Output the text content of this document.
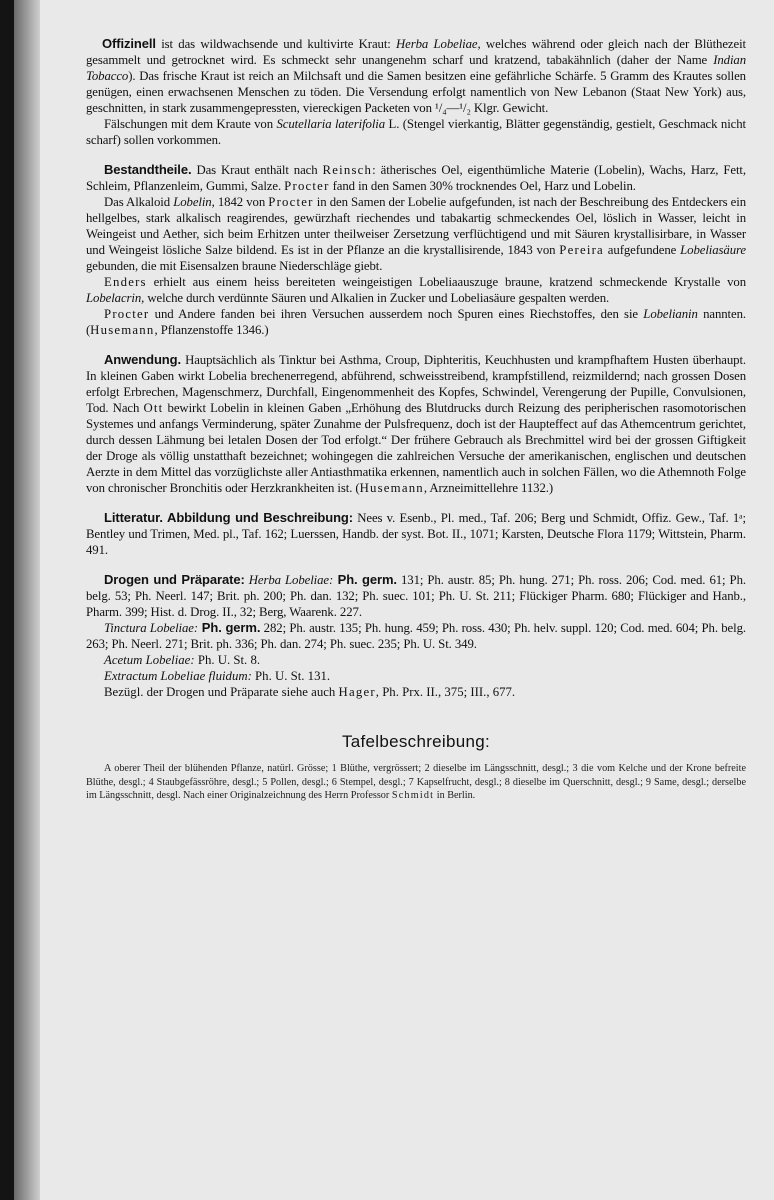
Offizinell ist das wildwachsende und kultivirte Kraut: Herba Lobeliae, welches während oder gleich nach der Blüthezeit gesammelt und getrocknet wird. Es schmeckt sehr unangenehm scharf und kratzend, tabakähnlich (daher der Name Indian Tobacco). Das frische Kraut ist reich an Milchsaft und die Samen besitzen eine gefährliche Schärfe. 5 Gramm des Krautes sollen genügen, einen erwachsenen Menschen zu töden. Die Versendung erfolgt namentlich von New Lebanon (Staat New York) aus, geschnitten, in stark zusammengepressten, viereckigen Packeten von ¹/₄—¹/₂ Klgr. Gewicht.

Fälschungen mit dem Kraute von Scutellaria laterifolia L. (Stengel vierkantig, Blätter gegenständig, gestielt, Geschmack nicht scharf) sollen vorkommen.

Bestandtheile. Das Kraut enthält nach Reinsch: ätherisches Oel, eigenthümliche Materie (Lobelin), Wachs, Harz, Fett, Schleim, Pflanzenleim, Gummi, Salze. Procter fand in den Samen 30% trocknendes Oel, Harz und Lobelin.

Das Alkaloid Lobelin, 1842 von Procter in den Samen der Lobelie aufgefunden, ist nach der Beschreibung des Entdeckers ein hellgelbes, stark alkalisch reagirendes, gewürzhaft riechendes und tabakartig schmeckendes Oel, löslich in Wasser, leicht in Weingeist und Aether, sich beim Erhitzen unter theilweiser Zersetzung verflüchtigend und mit Säuren krystallisirbare, in Wasser und Weingeist lösliche Salze bildend. Es ist in der Pflanze an die krystallisirende, 1843 von Pereira aufgefundene Lobeliasäure gebunden, die mit Eisensalzen braune Niederschläge giebt.

Enders erhielt aus einem heiss bereiteten weingeistigen Lobeliaauszuge braune, kratzend schmeckende Krystalle von Lobelacrin, welche durch verdünnte Säuren und Alkalien in Zucker und Lobeliasäure gespalten werden.

Procter und Andere fanden bei ihren Versuchen ausserdem noch Spuren eines Riechstoffes, den sie Lobelianin nannten. (Husemann, Pflanzenstoffe 1346.)

Anwendung. Hauptsächlich als Tinktur bei Asthma, Croup, Diphteritis, Keuchhusten und krampfhaftem Husten überhaupt. In kleinen Gaben wirkt Lobelia brechenerregend, abführend, schweisstreibend, krampfstillend, reizmildernd; nach grossen Dosen erfolgt Erbrechen, Magenschmerz, Durchfall, Eingenommenheit des Kopfes, Schwindel, Verengerung der Pupille, Convulsionen, Tod. Nach Ott bewirkt Lobelin in kleinen Gaben „Erhöhung des Blutdrucks durch Reizung des peripherischen rasomotorischen Systemes und anfangs Verminderung, später Zunahme der Pulsfrequenz, doch ist der Haupteffect auf das Athemcentrum gerichtet, durch dessen Lähmung bei letalen Dosen der Tod erfolgt.“ Der frühere Gebrauch als Brechmittel wird bei der grossen Giftigkeit der Droge als völlig unstatthaft bezeichnet; wohingegen die zahlreichen Versuche der amerikanischen, englischen und deutschen Aerzte in dem Mittel das vorzüglichste aller Antiasthmatika erkennen, namentlich auch in solchen Fällen, wo die Athemnoth Folge von chronischer Bronchitis oder Herzkrankheiten ist. (Husemann, Arzneimittellehre 1132.)

Litteratur. Abbildung und Beschreibung: Nees v. Esenb., Pl. med., Taf. 206; Berg und Schmidt, Offiz. Gew., Taf. 1ᵃ; Bentley und Trimen, Med. pl., Taf. 162; Luerssen, Handb. der syst. Bot. II., 1071; Karsten, Deutsche Flora 1179; Wittstein, Pharm. 491.

Drogen und Präparate: Herba Lobeliae: Ph. germ. 131; Ph. austr. 85; Ph. hung. 271; Ph. ross. 206; Cod. med. 61; Ph. belg. 53; Ph. Neerl. 147; Brit. ph. 200; Ph. dan. 132; Ph. suec. 101; Ph. U. St. 211; Flückiger Pharm. 680; Flückiger and Hanb., Pharm. 399; Hist. d. Drog. II., 32; Berg, Waarenk. 227.

Tinctura Lobeliae: Ph. germ. 282; Ph. austr. 135; Ph. hung. 459; Ph. ross. 430; Ph. helv. suppl. 120; Cod. med. 604; Ph. belg. 263; Ph. Neerl. 271; Brit. ph. 336; Ph. dan. 274; Ph. suec. 235; Ph. U. St. 349.

Acetum Lobeliae: Ph. U. St. 8.

Extractum Lobeliae fluidum: Ph. U. St. 131.

Bezügl. der Drogen und Präparate siehe auch Hager, Ph. Prx. II., 375; III., 677.

Tafelbeschreibung:

A oberer Theil der blühenden Pflanze, natürl. Grösse; 1 Blüthe, vergrössert; 2 dieselbe im Längsschnitt, desgl.; 3 die vom Kelche und der Krone befreite Blüthe, desgl.; 4 Staubgefässröhre, desgl.; 5 Pollen, desgl.; 6 Stempel, desgl.; 7 Kapselfrucht, desgl.; 8 dieselbe im Querschnitt, desgl.; 9 Same, desgl.; derselbe im Längsschnitt, desgl. Nach einer Originalzeichnung des Herrn Professor Schmidt in Berlin.
